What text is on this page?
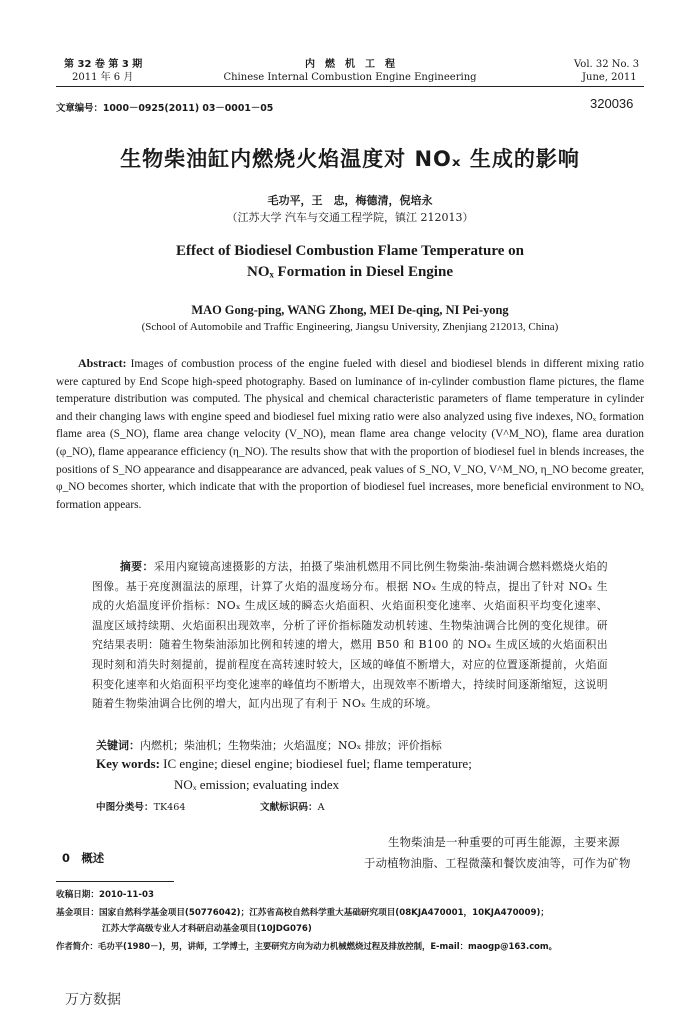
第 32 卷 第 3 期
2011 年 6 月
内　燃　机　工　程
Chinese Internal Combustion Engine Engineering
Vol. 32 No. 3
June, 2011
文章编号：1000－0925(2011) 03－0001－05	320036
生物柴油缸内燃烧火焰温度对 NOₓ 生成的影响
毛功平，王　忠，梅德清，倪培永
（江苏大学 汽车与交通工程学院，镇江 212013）
Effect of Biodiesel Combustion Flame Temperature on
NOₓ Formation in Diesel Engine
MAO Gong-ping, WANG Zhong, MEI De-qing, NI Pei-yong
(School of Automobile and Traffic Engineering, Jiangsu University, Zhenjiang 212013, China)
Abstract: Images of combustion process of the engine fueled with diesel and biodiesel blends in different mixing ratio were captured by End Scope high-speed photography. Based on luminance of in-cylinder combustion flame pictures, the flame temperature distribution was computed. The physical and chemical characteristic parameters of flame temperature in cylinder and their changing laws with engine speed and biodiesel fuel mixing ratio were also analyzed using five indexes, NOₓ formation flame area (S_NO), flame area change velocity (V_NO), mean flame area change velocity (V^M_NO), flame area duration (φ_NO), flame appearance efficiency (η_NO). The results show that with the proportion of biodiesel fuel in blends increases, the positions of S_NO appearance and disappearance are advanced, peak values of S_NO, V_NO, V^M_NO, η_NO become greater, φ_NO becomes shorter, which indicate that with the proportion of biodiesel fuel increases, more beneficial environment to NOₓ formation appears.
摘要：采用内窥镜高速摄影的方法，拍摄了柴油机燃用不同比例生物柴油-柴油调合燃料燃烧火焰的图像。基于亮度测温法的原理，计算了火焰的温度场分布。根据 NOₓ 生成的特点，提出了针对 NOₓ 生成的火焰温度评价指标：NOₓ 生成区域的瞬态火焰面积、火焰面积变化速率、火焰面积平均变化速率、温度区域持续期、火焰面积出现效率，分析了评价指标随发动机转速、生物柴油调合比例的变化规律。研究结果表明：随着生物柴油添加比例和转速的增大，燃用 B50 和 B100 的 NOₓ 生成区域的火焰面积出现时刻和消失时刻提前，提前程度在高转速时较大，区域的峰值不断增大，对应的位置逐渐提前，火焰面积变化速率和火焰面积平均变化速率的峰值均不断增大，出现效率不断增大，持续时间逐渐缩短，这说明随着生物柴油调合比例的增大，缸内出现了有利于 NOₓ 生成的环境。
关键词：内燃机；柴油机；生物柴油；火焰温度；NOₓ 排放；评价指标
Key words: IC engine; diesel engine; biodiesel fuel; flame temperature;
NOₓ emission; evaluating index
中图分类号：TK464	文献标识码：A
0　概述
生物柴油是一种重要的可再生能源，主要来源
于动植物油脂、工程微藻和餐饮废油等，可作为矿物
收稿日期：2010-11-03
基金项目：国家自然科学基金项目(50776042)；江苏省高校自然科学重大基础研究项目(08KJA470001，10KJA470009)；
江苏大学高级专业人才科研启动基金项目(10JDG076)
作者简介：毛功平(1980－)，男，讲师，工学博士，主要研究方向为动力机械燃烧过程及排放控制，E-mail：maogp@163.com。
万方数据
